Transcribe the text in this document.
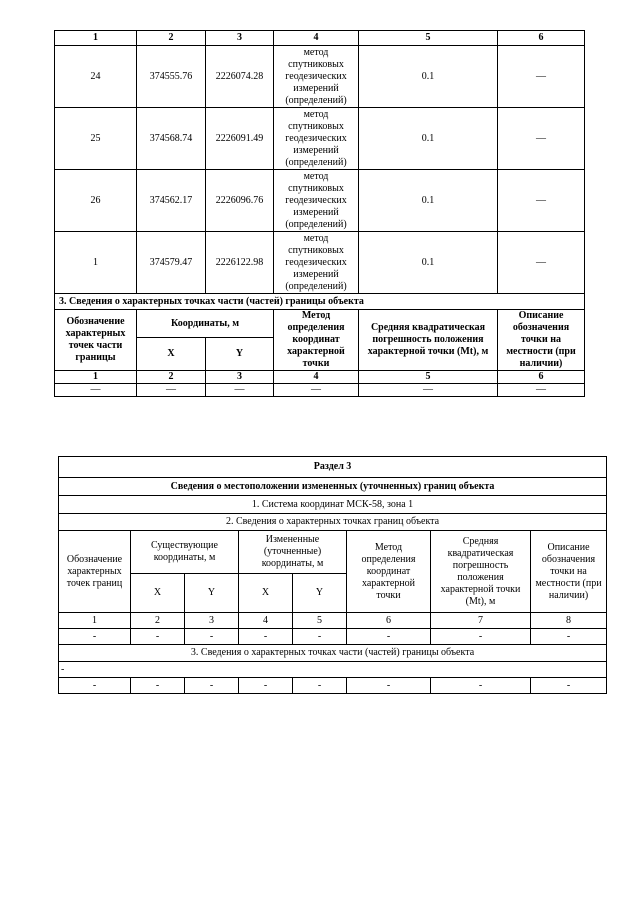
1	2	3	4	5	6
24	374555.76	2226074.28	метод спутниковых геодезических измерений (определений)	0.1	—
25	374568.74	2226091.49	метод спутниковых геодезических измерений (определений)	0.1	—
26	374562.17	2226096.76	метод спутниковых геодезических измерений (определений)	0.1	—
1	374579.47	2226122.98	метод спутниковых геодезических измерений (определений)	0.1	—
3. Сведения о характерных точках части (частей) границы объекта					
Обозначение характерных точек части границы	Координаты, м		Метод определения координат характерной точки	Средняя квадратическая погрешность положения характерной точки (Mt), м	Описание обозначения точки на местности (при наличии)
	X	Y			
1	2	3	4	5	6
—	—	—	—	—	—
Раздел 3							
Сведения о местоположении измененных (уточненных) границ объекта							
1. Система координат МСК-58, зона 1							
2. Сведения о характерных точках границ объекта							
Обозначение характерных точек границ	Существующие координаты, м		Измененные (уточненные) координаты, м		Метод определения координат характерной точки	Средняя квадратическая погрешность положения характерной точки (Mt), м	Описание обозначения точки на местности (при наличии)
	X	Y	X	Y			
1	2	3	4	5	6	7	8
-	-	-	-	-	-	-	-
3. Сведения о характерных точках части (частей) границы объекта							
-							
-	-	-	-	-	-	-	-
